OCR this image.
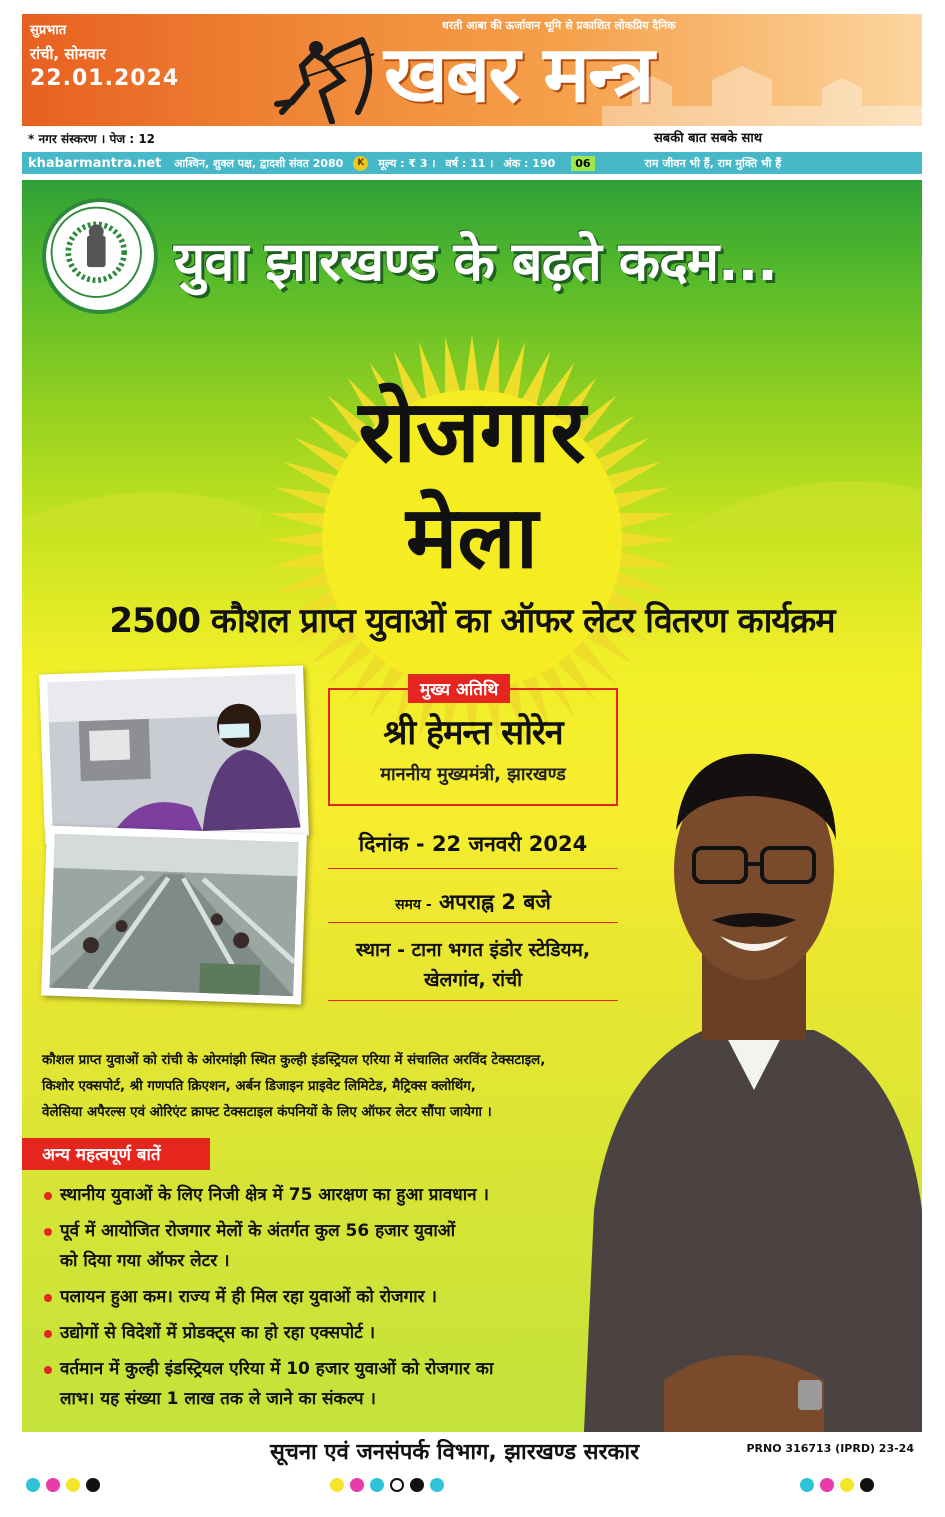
सुप्रभात
रांची, सोमवार
22.01.2024
धरती आबा की ऊर्जावान भूमि से प्रकाशित लोकप्रिय दैनिक
खबर मन्त्र
* नगर संस्करण । पेज : 12	सबकी बात सबके साथ
khabarmantra.net आश्विन, शुक्ल पक्ष, द्वादशी संवत 2080	K	मूल्य : ₹ 3 । वर्ष : 11 । अंक : 190	06	राम जीवन भी हैं, राम मुक्ति भी हैं
युवा झारखण्ड के बढ़ते कदम...
रोजगार
मेला
2500 कौशल प्राप्त युवाओं का ऑफर लेटर वितरण कार्यक्रम
मुख्य अतिथि
श्री हेमन्त सोरेन
माननीय मुख्यमंत्री, झारखण्ड
दिनांक - 22 जनवरी 2024
समय - अपराह्न 2 बजे
स्थान - टाना भगत इंडोर स्टेडियम,
खेलगांव, रांची
कौशल प्राप्त युवाओं को रांची के ओरमांझी स्थित कुल्ही इंडस्ट्रियल एरिया में संचालित अरविंद टेक्सटाइल,
किशोर एक्सपोर्ट, श्री गणपति क्रिएशन, अर्बन डिजाइन प्राइवेट लिमिटेड, मैट्रिक्स क्लोथिंग,
वेलेसिया अपैरल्स एवं ओरिएंट क्राफ्ट टेक्सटाइल कंपनियों के लिए ऑफर लेटर सौंपा जायेगा ।
अन्य महत्वपूर्ण बातें
स्थानीय युवाओं के लिए निजी क्षेत्र में 75 आरक्षण का हुआ प्रावधान ।
पूर्व में आयोजित रोजगार मेलों के अंतर्गत कुल 56 हजार युवाओं
को दिया गया ऑफर लेटर ।
पलायन हुआ कम। राज्य में ही मिल रहा युवाओं को रोजगार ।
उद्योगों से विदेशों में प्रोडक्ट्स का हो रहा एक्सपोर्ट ।
वर्तमान में कुल्ही इंडस्ट्रियल एरिया में 10 हजार युवाओं को रोजगार का
लाभ। यह संख्या 1 लाख तक ले जाने का संकल्प ।
सूचना एवं जनसंपर्क विभाग, झारखण्ड सरकार	PRNO 316713 (IPRD) 23-24
